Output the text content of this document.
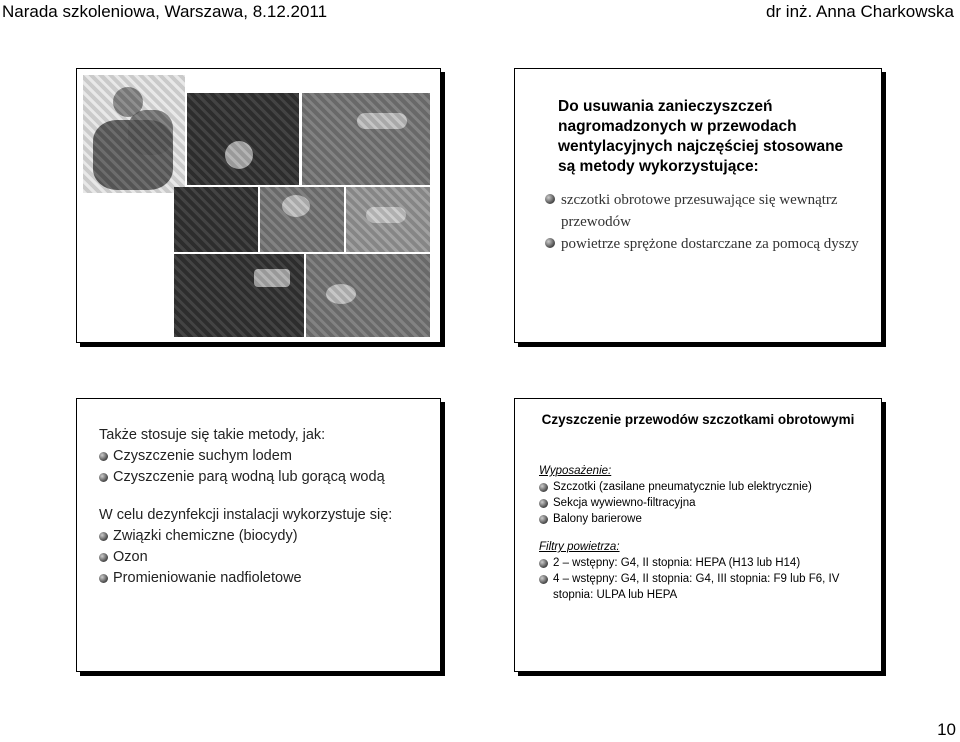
Narada szkoleniowa, Warszawa, 8.12.2011	dr inż. Anna Charkowska
Do usuwania zanieczyszczeń nagromadzonych w przewodach wentylacyjnych najczęściej stosowane są metody wykorzystujące:
szczotki obrotowe przesuwające się wewnątrz przewodów
powietrze sprężone dostarczane za pomocą dyszy
Także stosuje się takie metody, jak:
Czyszczenie suchym lodem
Czyszczenie parą wodną lub gorącą wodą
W celu dezynfekcji instalacji wykorzystuje się:
Związki chemiczne (biocydy)
Ozon
Promieniowanie nadfioletowe
Czyszczenie przewodów szczotkami obrotowymi
Wyposażenie:
Szczotki (zasilane pneumatycznie lub elektrycznie)
Sekcja wywiewno-filtracyjna
Balony barierowe
Filtry powietrza:
2 – wstępny: G4, II stopnia: HEPA (H13 lub H14)
4 – wstępny: G4, II stopnia: G4, III stopnia: F9 lub F6, IV stopnia: ULPA lub HEPA
10
